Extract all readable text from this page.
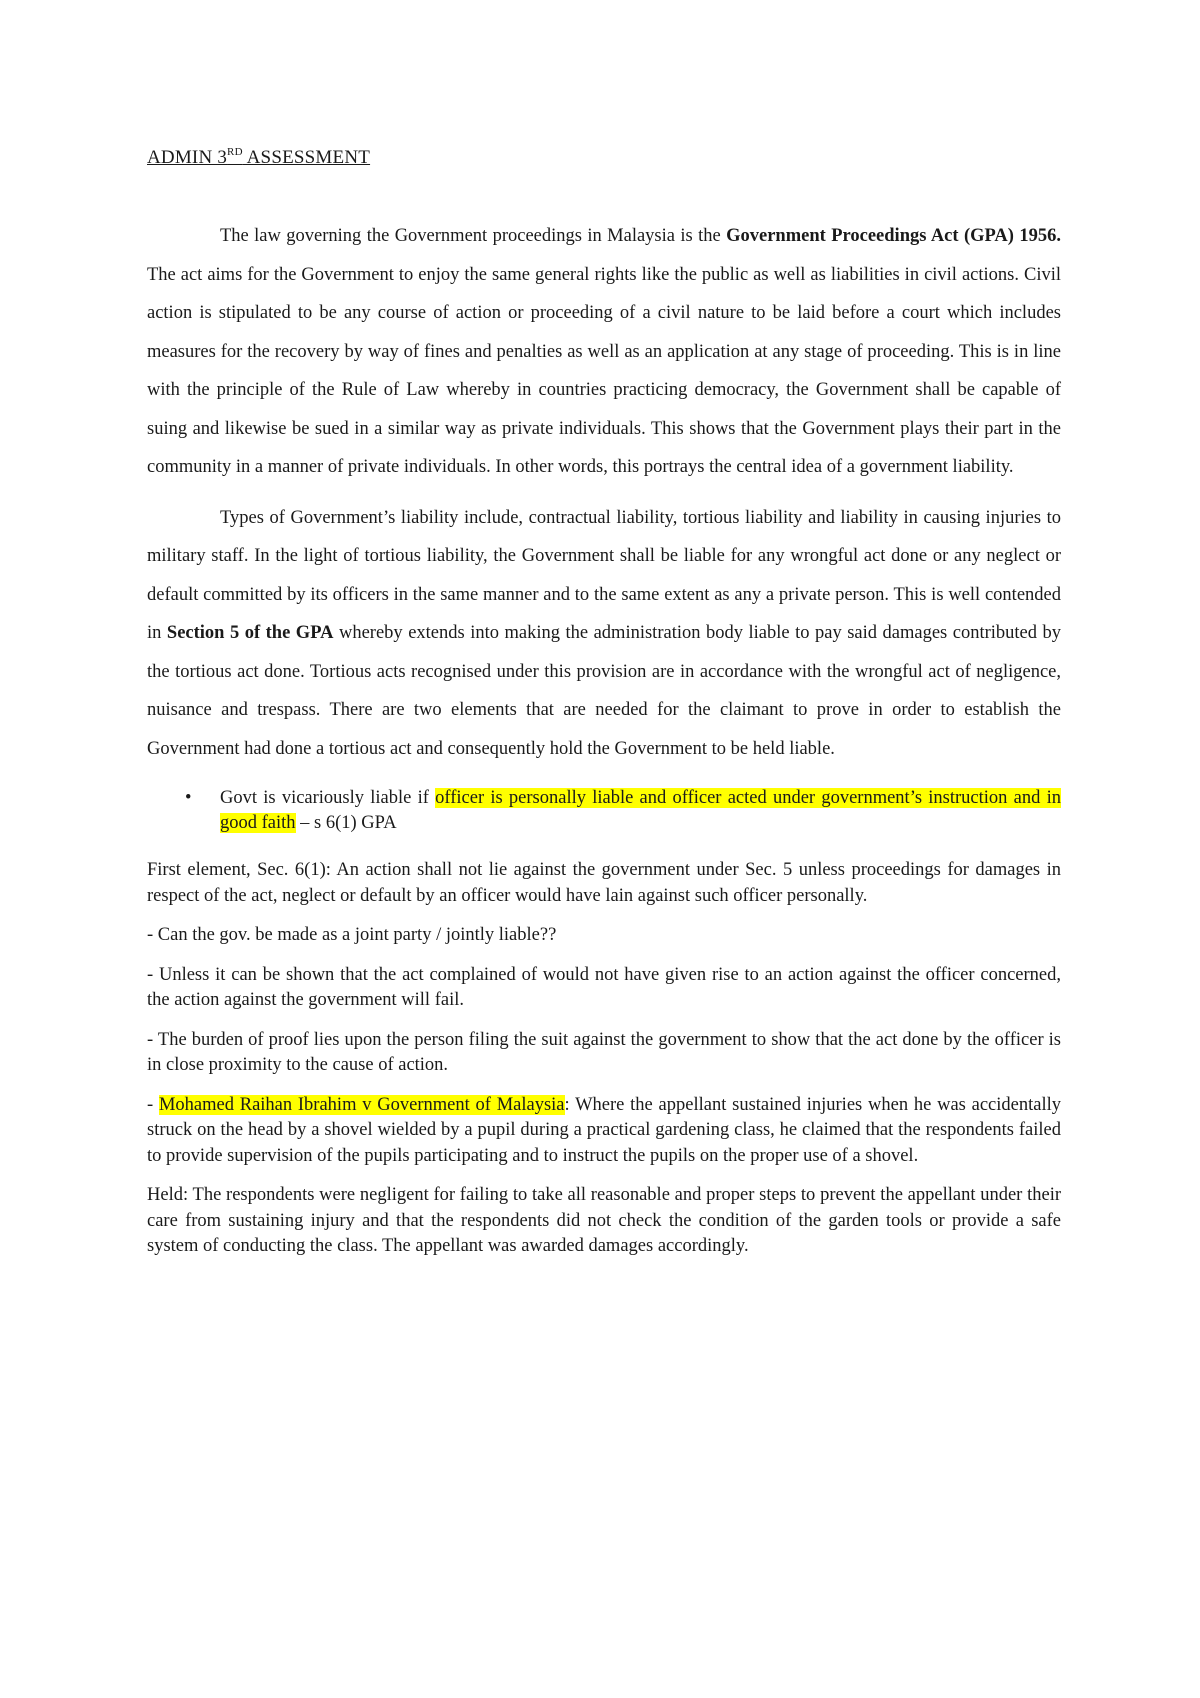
ADMIN 3RD ASSESSMENT

The law governing the Government proceedings in Malaysia is the Government Proceedings Act (GPA) 1956. The act aims for the Government to enjoy the same general rights like the public as well as liabilities in civil actions. Civil action is stipulated to be any course of action or proceeding of a civil nature to be laid before a court which includes measures for the recovery by way of fines and penalties as well as an application at any stage of proceeding. This is in line with the principle of the Rule of Law whereby in countries practicing democracy, the Government shall be capable of suing and likewise be sued in a similar way as private individuals. This shows that the Government plays their part in the community in a manner of private individuals. In other words, this portrays the central idea of a government liability.

Types of Government’s liability include, contractual liability, tortious liability and liability in causing injuries to military staff. In the light of tortious liability, the Government shall be liable for any wrongful act done or any neglect or default committed by its officers in the same manner and to the same extent as any a private person. This is well contended in Section 5 of the GPA whereby extends into making the administration body liable to pay said damages contributed by the tortious act done. Tortious acts recognised under this provision are in accordance with the wrongful act of negligence, nuisance and trespass. There are two elements that are needed for the claimant to prove in order to establish the Government had done a tortious act and consequently hold the Government to be held liable.

• Govt is vicariously liable if officer is personally liable and officer acted under government’s instruction and in good faith – s 6(1) GPA

First element, Sec. 6(1): An action shall not lie against the government under Sec. 5 unless proceedings for damages in respect of the act, neglect or default by an officer would have lain against such officer personally.

- Can the gov. be made as a joint party / jointly liable??

- Unless it can be shown that the act complained of would not have given rise to an action against the officer concerned, the action against the government will fail.

- The burden of proof lies upon the person filing the suit against the government to show that the act done by the officer is in close proximity to the cause of action.

- Mohamed Raihan Ibrahim v Government of Malaysia: Where the appellant sustained injuries when he was accidentally struck on the head by a shovel wielded by a pupil during a practical gardening class, he claimed that the respondents failed to provide supervision of the pupils participating and to instruct the pupils on the proper use of a shovel.

Held: The respondents were negligent for failing to take all reasonable and proper steps to prevent the appellant under their care from sustaining injury and that the respondents did not check the condition of the garden tools or provide a safe system of conducting the class. The appellant was awarded damages accordingly.
